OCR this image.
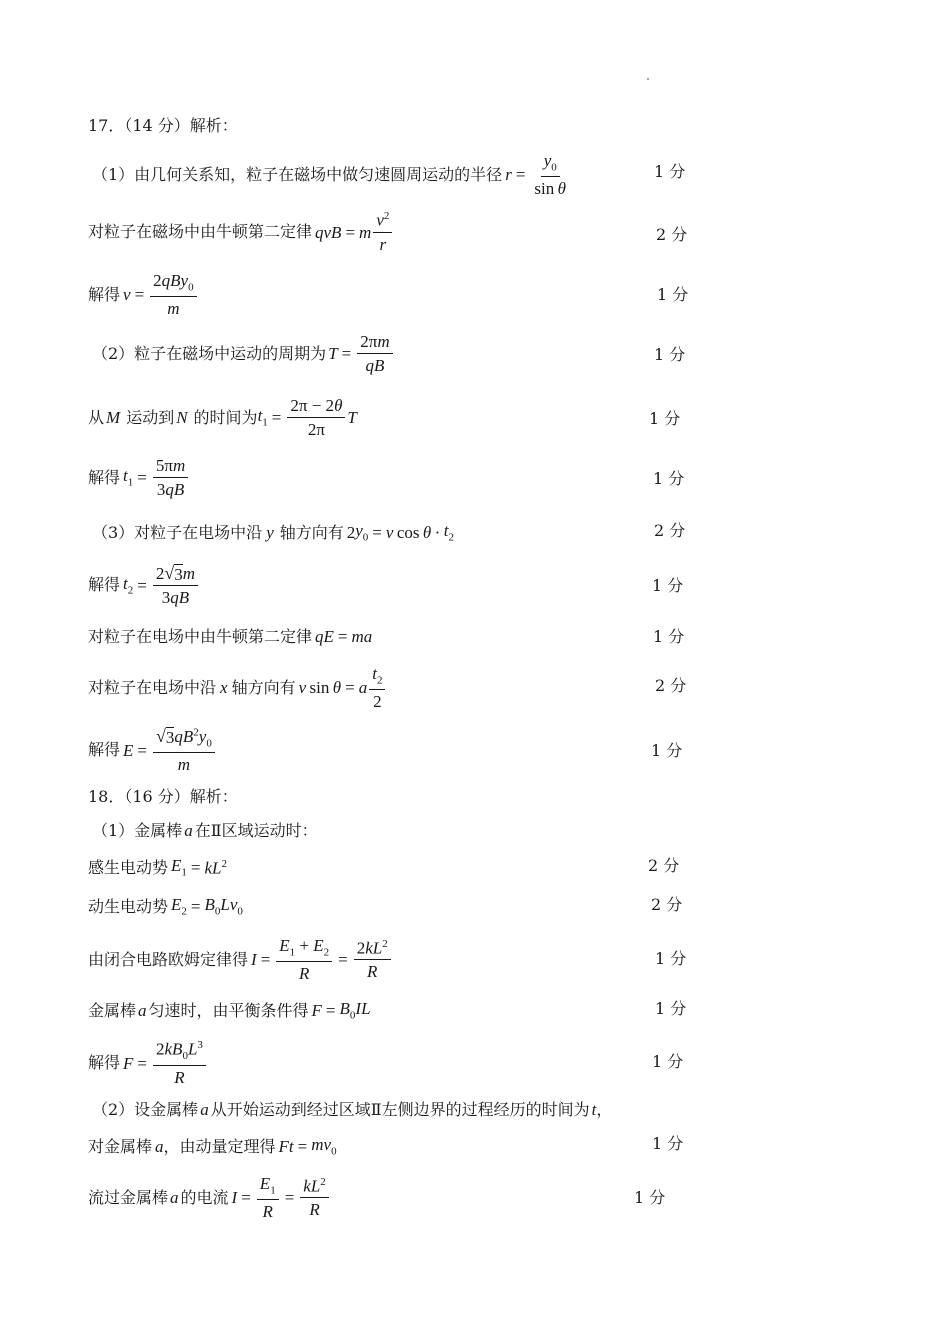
17．（14 分）解析：
（1）由几何关系知，粒子在磁场中做匀速圆周运动的半径 $r = \frac{y_0}{\text{sin θ}}$	1 分
对粒子在磁场中由牛顿第二定律 qvB = m $\frac{v^2}{r}$	2 分
解得 $v = \frac{2qBy_0}{m}$	1 分
（2）粒子在磁场中运动的周期为 $T = \frac{2\pi m}{qB}$	1 分
从 M 运动到 N 的时间为 $t_1 = \frac{2\pi - 2\theta}{2\pi}$ T	1 分
解得 $t_1 = \frac{5\pi m}{3qB}$	1 分
（3）对粒子在电场中沿 y 轴方向有 2 $y_0 = v$  $\cos \theta \cdot t_2$	2 分
解得 $t_2 = \frac{2 √ 3 m}{3qB}$	1 分
对粒子在电场中由牛顿第二定律 qE = ma	1 分
对粒子在电场中沿 x 轴方向有 v  sin  θ = a $\frac{t_2}{2}$	2 分
解得 $E = \frac{√ 3 qB^2y_0}{m}$	1 分
18．（16 分）解析：
（1）金属棒 a 在Ⅱ区域运动时：
感生电动势 $E_1 = kL^2$	2 分
动生电动势 $E_2 = B_0Lv_0$	2 分
由闭合电路欧姆定律得 $I = \frac{E_1 + E_2}{R} = \frac{2kL^2}{R}$	1 分
金属棒 a 匀速时，由平衡条件得 $F = B_0IL$	1 分
解得 $F = \frac{2kB_0L^3}{R}$	1 分
（2）设金属棒 a 从开始运动到经过区域Ⅱ左侧边界的过程经历的时间为 t ，
对金属棒 a ，由动量定理得 $Ft = mv_0$	1 分
流过金属棒 a 的电流 $I = \frac{E_1}{R} = \frac{kL^2}{R}$	1 分
